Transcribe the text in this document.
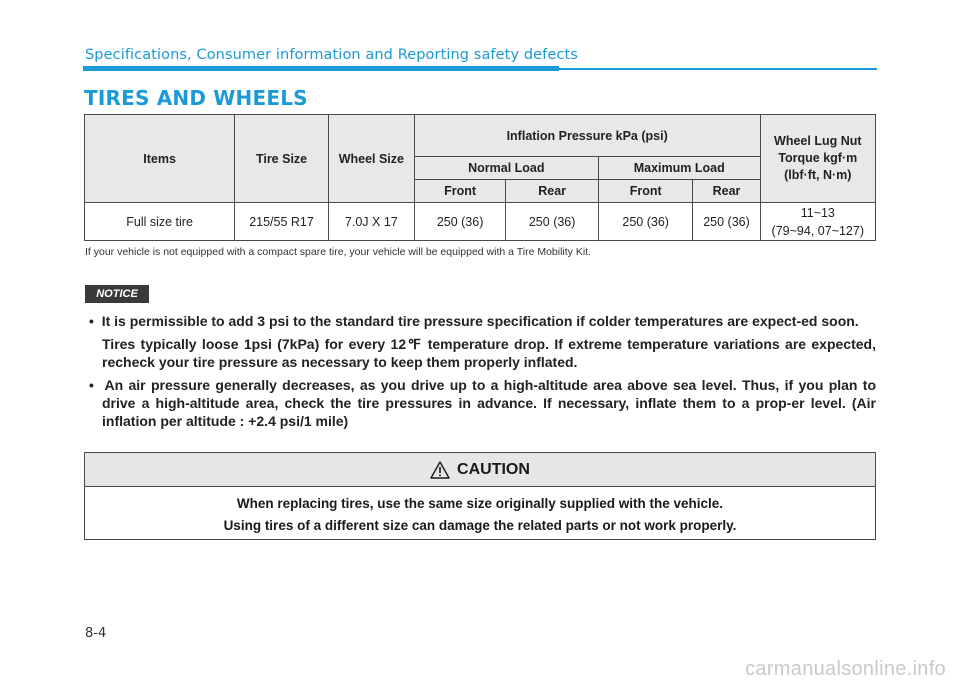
Specifications, Consumer information and Reporting safety defects
TIRES AND WHEELS
Items	Tire Size	Wheel Size	Inflation Pressure kPa (psi)				Wheel Lug Nut
Torque kgf·m
(lbf·ft, N·m)

			Normal Load		Maximum Load		
			Front	Rear	Front	Rear	
Full size tire	215/55 R17	7.0J X 17	250 (36)	250 (36)	250 (36)	250 (36)	11~13
(79~94, 07~127)
If your vehicle is not equipped with a compact spare tire, your vehicle will be equipped with a Tire Mobility Kit.
NOTICE

• It is permissible to add 3 psi to the standard tire pressure specification if colder temperatures are expect-ed soon.

Tires typically loose 1psi (7kPa) for every 12℉ temperature drop. If extreme temperature variations are expected, recheck your tire pressure as necessary to keep them properly inflated.

• An air pressure generally decreases, as you drive up to a high-altitude area above sea level. Thus, if you plan to drive a high-altitude area, check the tire pressures in advance. If necessary, inflate them to a prop-er level. (Air inflation per altitude : +2.4 psi/1 mile)

CAUTION
When replacing tires, use the same size originally supplied with the vehicle.
Using tires of a different size can damage the related parts or not work properly.
8-4
carmanualsonline.info
